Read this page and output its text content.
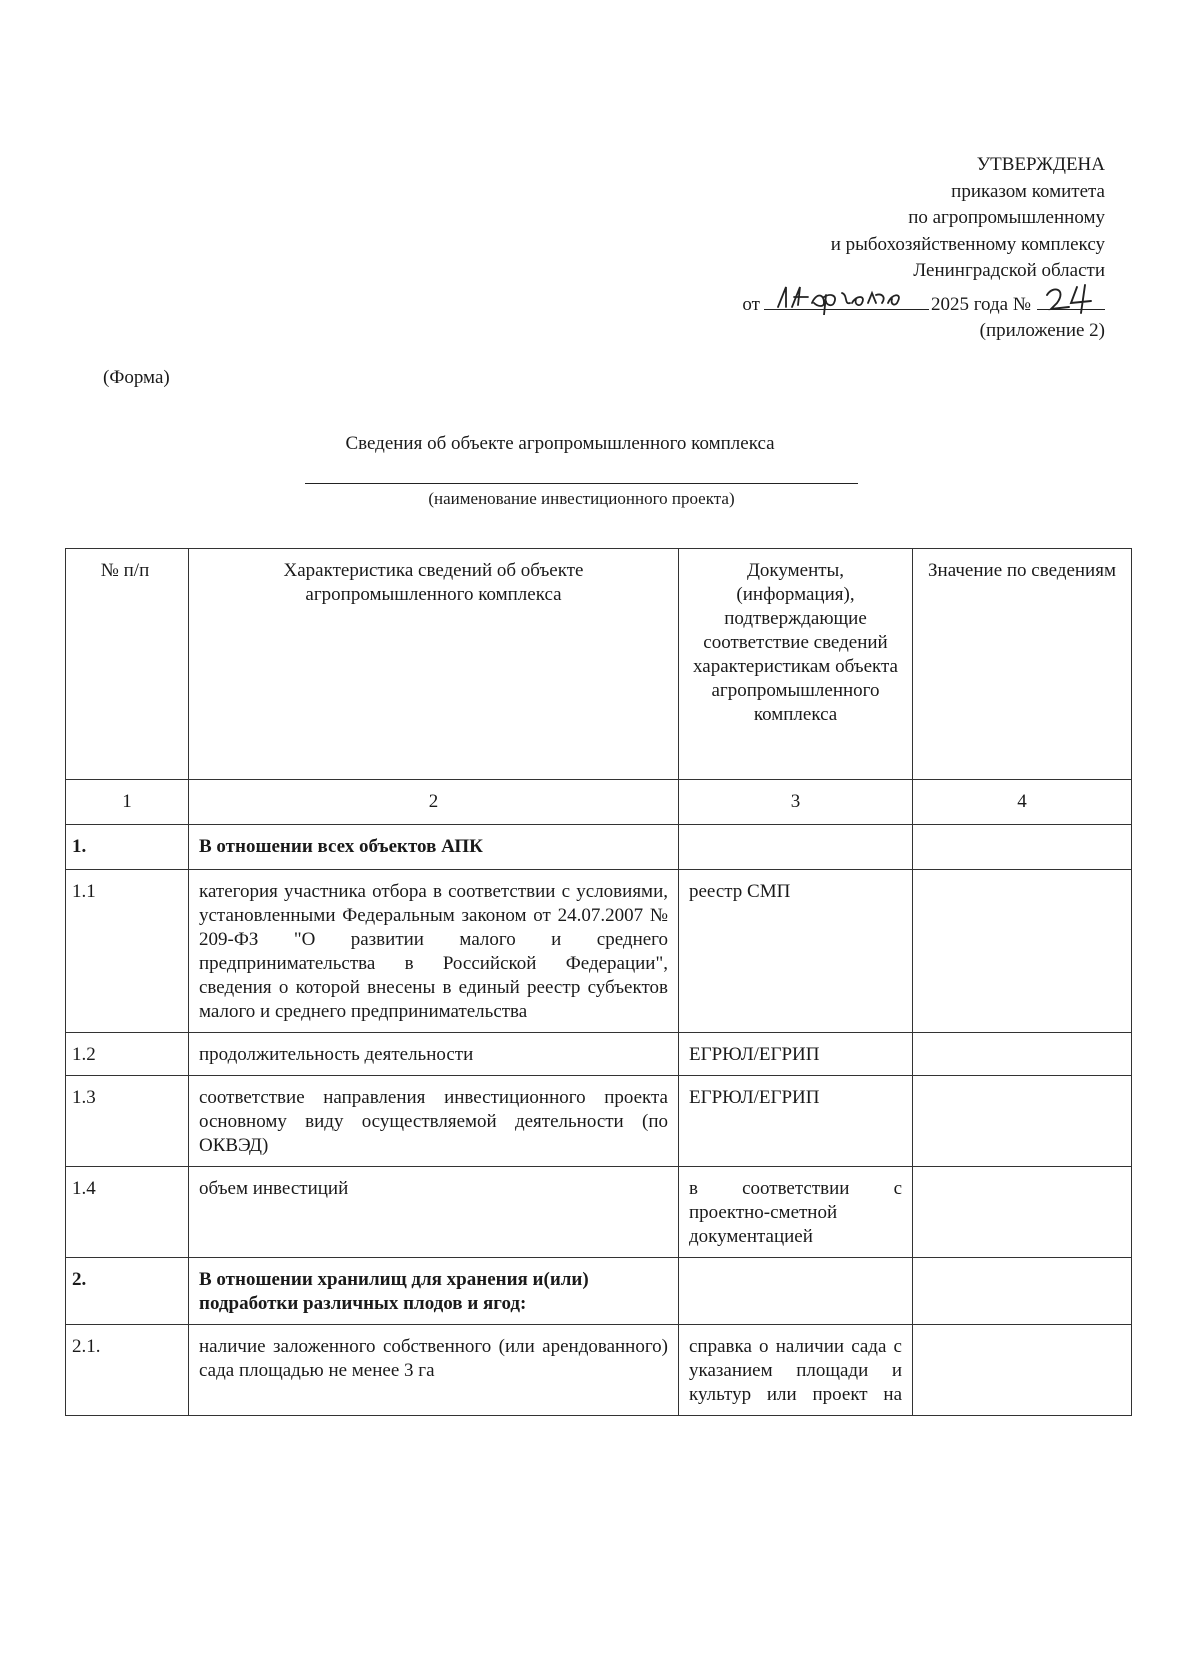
УТВЕРЖДЕНА
приказом комитета
по агропромышленному
и рыбохозяйственному комплексу
Ленинградской области
от	2025 года №
(приложение 2)
(Форма)
Сведения об объекте агропромышленного комплекса
(наименование инвестиционного проекта)
№ п/п	Характеристика сведений об объекте агропромышленного комплекса	Документы, (информация), подтверждающие соответствие сведений характеристикам объекта агропромышленного комплекса	Значение по сведениям
1	2	3	4
1.	В отношении всех объектов АПК		
1.1	категория участника отбора в соответствии с условиями, установленными Федеральным законом от 24.07.2007 № 209-ФЗ "О развитии малого и среднего предпринимательства в Российской Федерации", сведения о которой внесены в единый реестр субъектов малого и среднего предпринимательства	реестр СМП	
1.2	продолжительность деятельности	ЕГРЮЛ/ЕГРИП	
1.3	соответствие направления инвестиционного проекта основному виду осуществляемой деятельности (по ОКВЭД)	ЕГРЮЛ/ЕГРИП	
1.4	объем инвестиций	в соответствии с проектно-сметной документацией	
2.	В отношении хранилищ для хранения и(или) подработки различных плодов и ягод:		
2.1.	наличие заложенного собственного (или арендованного) сада площадью не менее 3 га	справка о наличии сада с указанием площади и культур или проект на	
